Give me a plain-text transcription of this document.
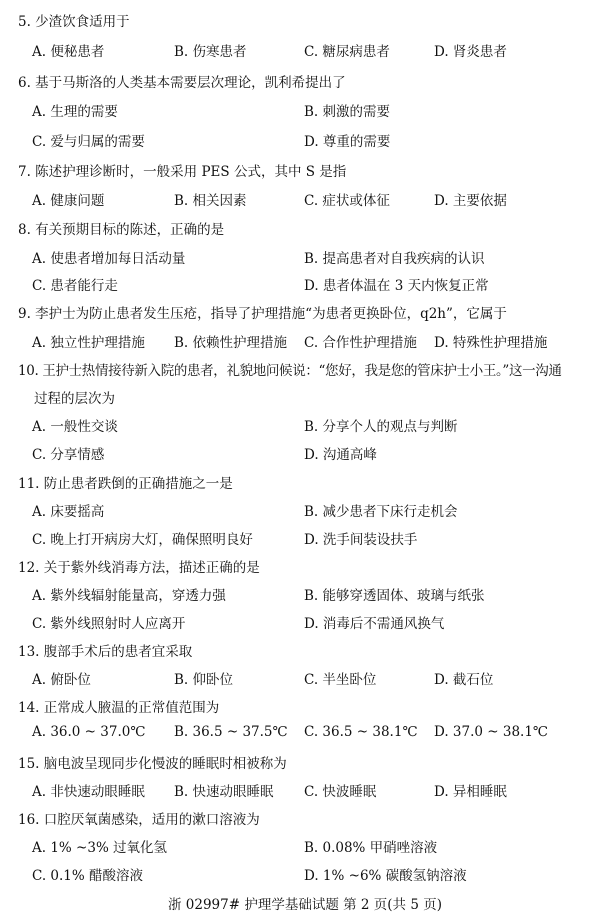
5. 少渣饮食适用于
A. 便秘患者	B. 伤寒患者	C. 糖尿病患者	D. 肾炎患者
6. 基于马斯洛的人类基本需要层次理论，凯利希提出了
A. 生理的需要	B. 刺激的需要
C. 爱与归属的需要	D. 尊重的需要
7. 陈述护理诊断时，一般采用 PES 公式，其中 S 是指
A. 健康问题	B. 相关因素	C. 症状或体征	D. 主要依据
8. 有关预期目标的陈述，正确的是
A. 使患者增加每日活动量	B. 提高患者对自我疾病的认识
C. 患者能行走	D. 患者体温在 3 天内恢复正常
9. 李护士为防止患者发生压疮，指导了护理措施“为患者更换卧位，q2h”，它属于
A. 独立性护理措施 B. 依赖性护理措施 C. 合作性护理措施 D. 特殊性护理措施
10. 王护士热情接待新入院的患者，礼貌地问候说：“您好，我是您的管床护士小王。”这一沟通
过程的层次为
A. 一般性交谈	B. 分享个人的观点与判断
C. 分享情感	D. 沟通高峰
11. 防止患者跌倒的正确措施之一是
A. 床要摇高	B. 减少患者下床行走机会
C. 晚上打开病房大灯，确保照明良好	D. 洗手间装设扶手
12. 关于紫外线消毒方法，描述正确的是
A. 紫外线辐射能量高，穿透力强	B. 能够穿透固体、玻璃与纸张
C. 紫外线照射时人应离开	D. 消毒后不需通风换气
13. 腹部手术后的患者宜采取
A. 俯卧位	B. 仰卧位	C. 半坐卧位	D. 截石位
14. 正常成人腋温的正常值范围为
A. 36.0 ~ 37.0℃ B. 36.5 ~ 37.5℃ C. 36.5 ~ 38.1℃ D. 37.0 ~ 38.1℃
15. 脑电波呈现同步化慢波的睡眠时相被称为
A. 非快速动眼睡眠 B. 快速动眼睡眠 C. 快波睡眠	D. 异相睡眠
16. 口腔厌氧菌感染，适用的漱口溶液为
A. 1% ~3% 过氧化氢	B. 0.08% 甲硝唑溶液
C. 0.1% 醋酸溶液	D. 1% ~6% 碳酸氢钠溶液
浙 02997# 护理学基础试题 第 2 页(共 5 页)
